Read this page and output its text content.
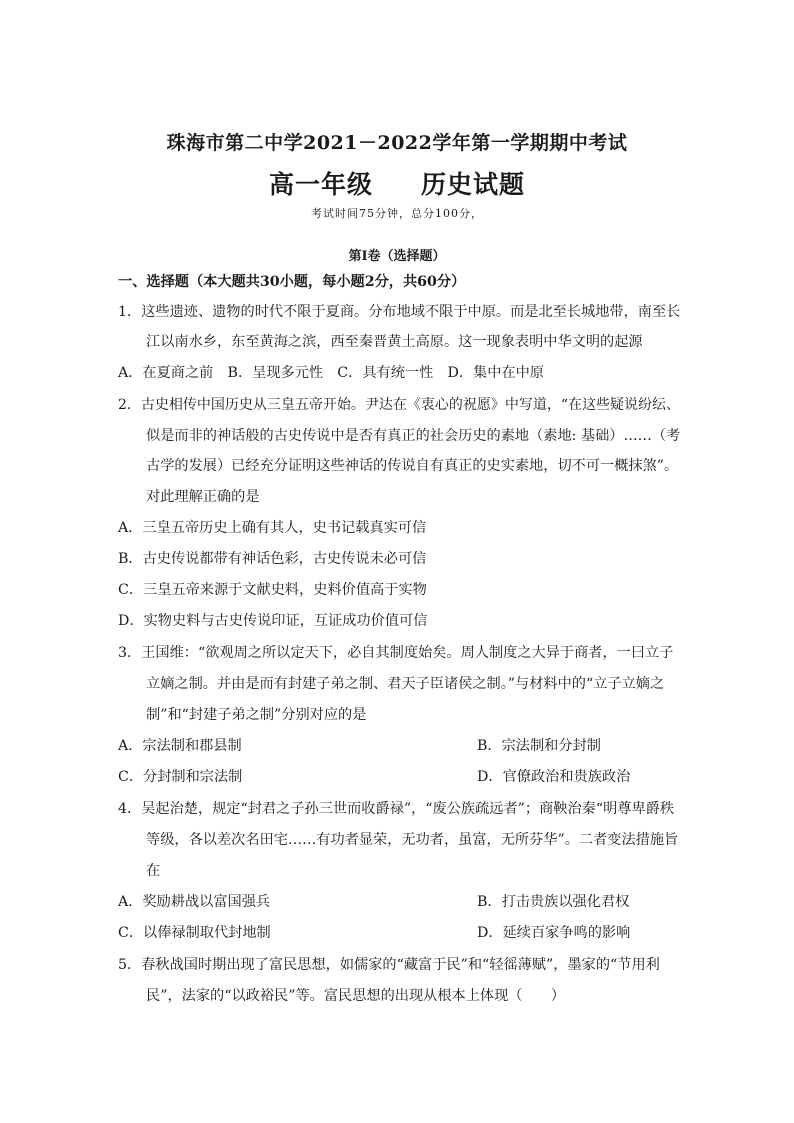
珠海市第二中学2021－2022学年第一学期期中考试
高一年级 历史试题
考试时间75分钟，总分100分，
第Ⅰ卷（选择题）
一、选择题（本大题共30小题，每小题2分，共60分）
1．这些遗迹、遗物的时代不限于夏商。分布地域不限于中原。而是北至长城地带，南至长
江以南水乡，东至黄海之滨，西至秦晋黄土高原。这一现象表明中华文明的起源
A．在夏商之前　B．呈现多元性　C．具有统一性　D．集中在中原
2．古史相传中国历史从三皇五帝开始。尹达在《衷心的祝愿》中写道，“在这些疑说纷纭、
似是而非的神话般的古史传说中是否有真正的社会历史的素地（素地: 基础）……（考
古学的发展）已经充分证明这些神话的传说自有真正的史实素地，切不可一概抹煞”。
对此理解正确的是
A．三皇五帝历史上确有其人，史书记载真实可信
B．古史传说都带有神话色彩，古史传说未必可信
C．三皇五帝来源于文献史料，史料价值高于实物
D．实物史料与古史传说印证，互证成功价值可信
3．王国维：“欲观周之所以定天下，必自其制度始矣。周人制度之大异于商者，一曰立子
立嫡之制。并由是而有封建子弟之制、君天子臣诸侯之制。”与材料中的“立子立嫡之
制”和“封建子弟之制”分别对应的是
A．宗法制和郡县制	B．宗法制和分封制
C．分封制和宗法制	D．官僚政治和贵族政治
4．吴起治楚，规定“封君之子孙三世而收爵禄”，“废公族疏远者”；商鞅治秦“明尊卑爵秩
等级，各以差次名田宅……有功者显荣，无功者，虽富，无所芬华”。二者变法措施旨
在
A．奖励耕战以富国强兵	B．打击贵族以强化君权
C．以俸禄制取代封地制	D．延续百家争鸣的影响
5．春秋战国时期出现了富民思想，如儒家的“藏富于民”和“轻徭薄赋”，墨家的“节用利
民”，法家的“以政裕民”等。富民思想的出现从根本上体现（　　）
